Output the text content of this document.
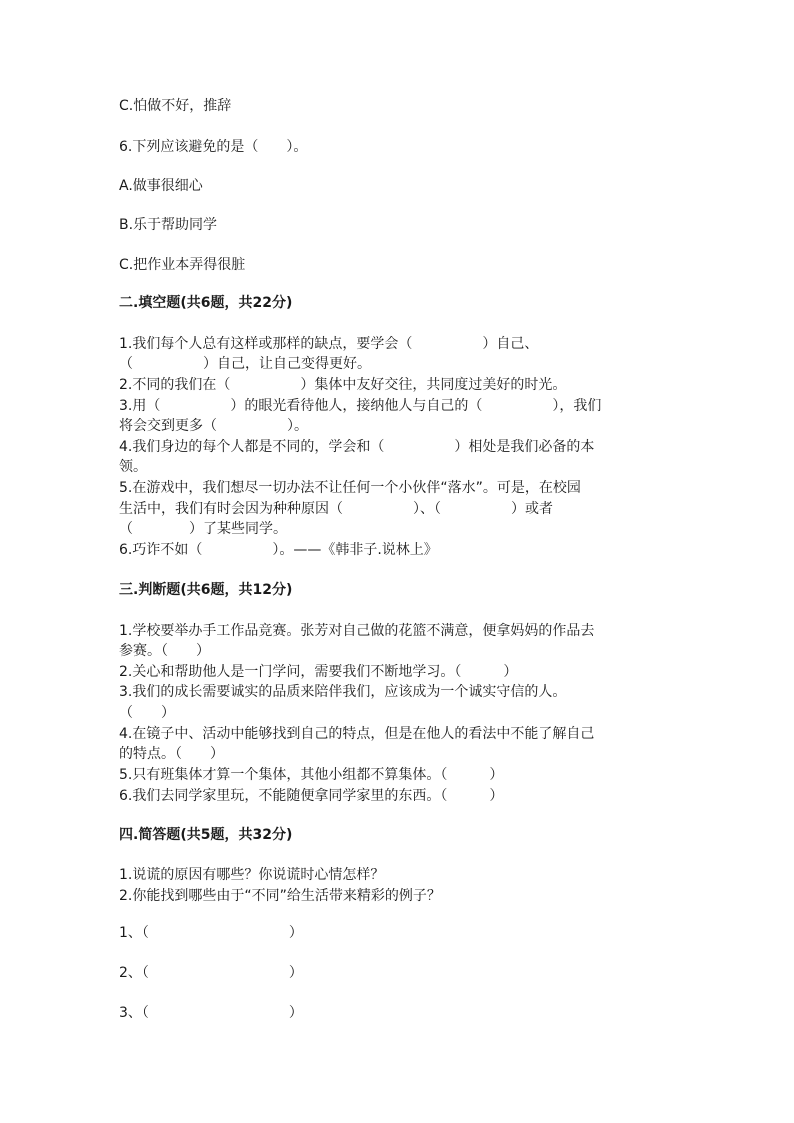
C.怕做不好，推辞

6.下列应该避免的是（　　）。

A.做事很细心

B.乐于帮助同学

C.把作业本弄得很脏

二.填空题(共6题，共22分)

1.我们每个人总有这样或那样的缺点，要学会（　　　　　）自己、

（　　　　　）自己，让自己变得更好。

2.不同的我们在（　　　　　）集体中友好交往，共同度过美好的时光。

3.用（　　　　　）的眼光看待他人，接纳他人与自己的（　　　　　），我们

将会交到更多（　　　　　）。

4.我们身边的每个人都是不同的，学会和（　　　　　）相处是我们必备的本

领。

5.在游戏中，我们想尽一切办法不让任何一个小伙伴“落水”。可是，在校园

生活中，我们有时会因为种种原因（　　　　　）、（　　　　　）或者

（　　　　）了某些同学。

6.巧诈不如（　　　　　）。——《韩非子.说林上》

三.判断题(共6题，共12分)

1.学校要举办手工作品竞赛。张芳对自己做的花篮不满意，便拿妈妈的作品去

参赛。（　　）

2.关心和帮助他人是一门学问，需要我们不断地学习。（　　　）

3.我们的成长需要诚实的品质来陪伴我们，应该成为一个诚实守信的人。

（　　）

4.在镜子中、活动中能够找到自己的特点，但是在他人的看法中不能了解自己

的特点。（　　）

5.只有班集体才算一个集体，其他小组都不算集体。（　　　）

6.我们去同学家里玩，不能随便拿同学家里的东西。（　　　）

四.简答题(共5题，共32分)

1.说谎的原因有哪些？你说谎时心情怎样？

2.你能找到哪些由于“不同”给生活带来精彩的例子？

1、（　　　　　　　　　　）

2、（　　　　　　　　　　）

3、（　　　　　　　　　　）
